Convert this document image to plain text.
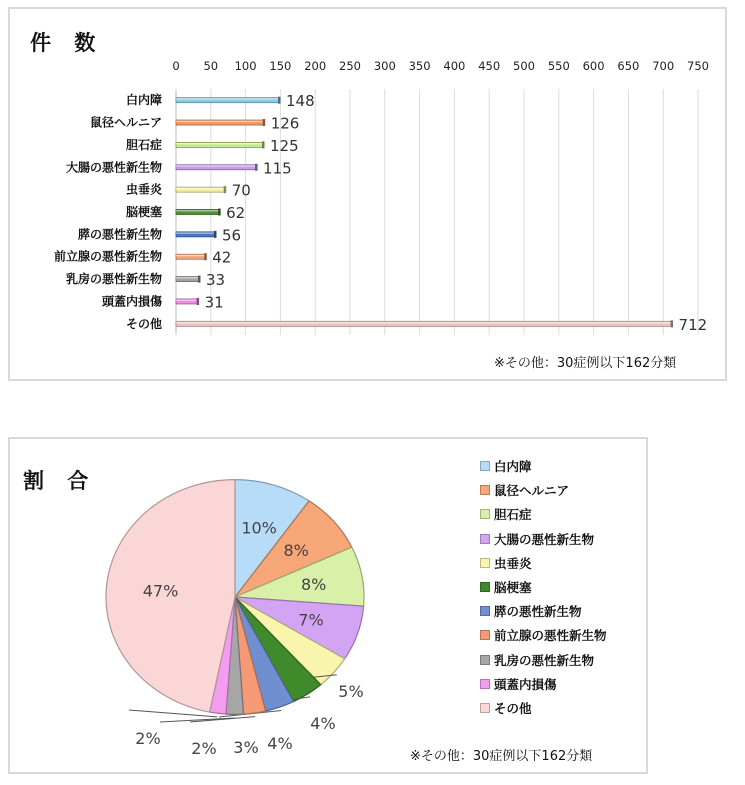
件 数
0 50 100 150 200 250 300 350 400 450 500 550 600 650 700 750
白内障	148
鼠径ヘルニア	126
胆石症	125
大腸の悪性新生物	115
虫垂炎	70
脳梗塞	62
膵の悪性新生物	56
前立腺の悪性新生物	42
乳房の悪性新生物	33
頭蓋内損傷	31
その他	712
※その他：30症例以下162分類
割 合
10%
8%
8%
7%
5%
4%
4%
3%
2%
2%
47%
白内障
鼠径ヘルニア
胆石症
大腸の悪性新生物
虫垂炎
脳梗塞
膵の悪性新生物
前立腺の悪性新生物
乳房の悪性新生物
頭蓋内損傷
その他
※その他：30症例以下162分類
